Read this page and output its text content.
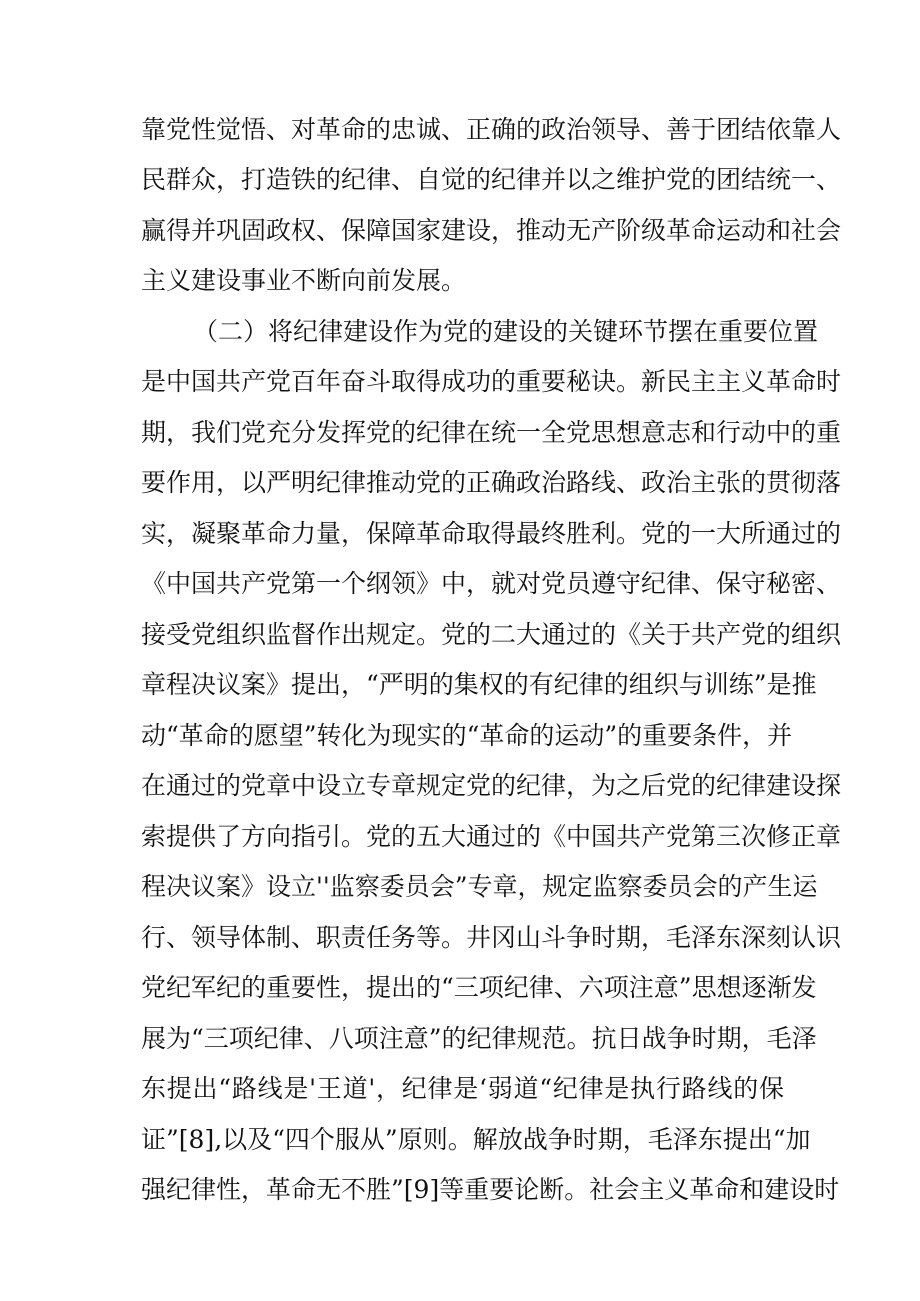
靠党性觉悟、对革命的忠诚、正确的政治领导、善于团结依靠人
民群众，打造铁的纪律、自觉的纪律并以之维护党的团结统一、
赢得并巩固政权、保障国家建设，推动无产阶级革命运动和社会
主义建设事业不断向前发展。
（二）将纪律建设作为党的建设的关键环节摆在重要位置
是中国共产党百年奋斗取得成功的重要秘诀。新民主主义革命时
期，我们党充分发挥党的纪律在统一全党思想意志和行动中的重
要作用，以严明纪律推动党的正确政治路线、政治主张的贯彻落
实，凝聚革命力量，保障革命取得最终胜利。党的一大所通过的
《中国共产党第一个纲领》中，就对党员遵守纪律、保守秘密、
接受党组织监督作出规定。党的二大通过的《关于共产党的组织
章程决议案》提出，“严明的集权的有纪律的组织与训练”是推
动“革命的愿望”转化为现实的“革命的运动”的重要条件，并
在通过的党章中设立专章规定党的纪律，为之后党的纪律建设探
索提供了方向指引。党的五大通过的《中国共产党第三次修正章
程决议案》设立''监察委员会”专章，规定监察委员会的产生运
行、领导体制、职责任务等。井冈山斗争时期，毛泽东深刻认识
党纪军纪的重要性，提出的“三项纪律、六项注意”思想逐渐发
展为“三项纪律、八项注意”的纪律规范。抗日战争时期，毛泽
东提出“路线是'王道'，纪律是‘弱道“纪律是执行路线的保
证”[8],以及“四个服从”原则。解放战争时期，毛泽东提出“加
强纪律性，革命无不胜”[9]等重要论断。社会主义革命和建设时
